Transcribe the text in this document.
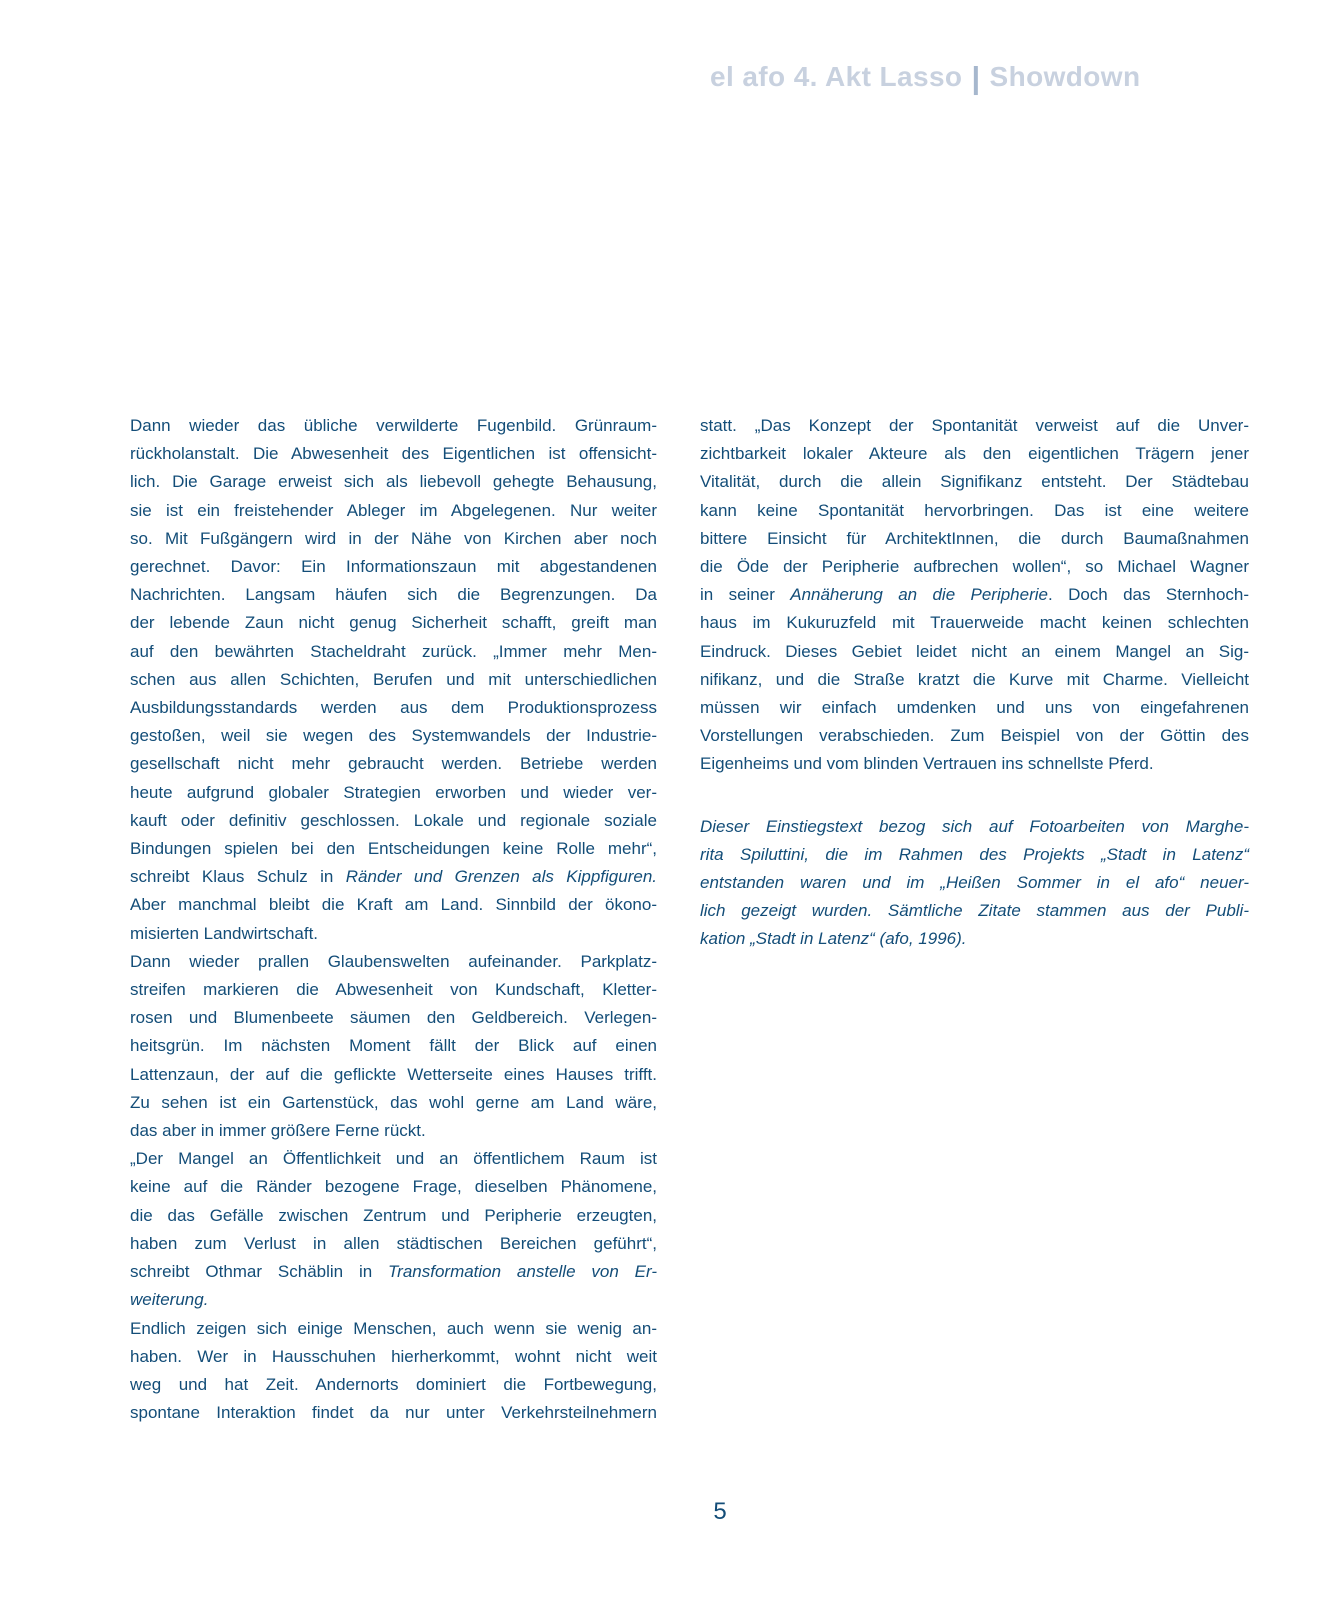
el afo 4. Akt Lasso | Showdown
Dann wieder das übliche verwilderte Fugenbild. Grünraum-
rückholanstalt. Die Abwesenheit des Eigentlichen ist offensicht-
lich. Die Garage erweist sich als liebevoll gehegte Behausung,
sie ist ein freistehender Ableger im Abgelegenen. Nur weiter
so. Mit Fußgängern wird in der Nähe von Kirchen aber noch
gerechnet. Davor: Ein Informationszaun mit abgestandenen
Nachrichten. Langsam häufen sich die Begrenzungen. Da
der lebende Zaun nicht genug Sicherheit schafft, greift man
auf den bewährten Stacheldraht zurück. „Immer mehr Men-
schen aus allen Schichten, Berufen und mit unterschiedlichen
Ausbildungsstandards werden aus dem Produktionsprozess
gestoßen, weil sie wegen des Systemwandels der Industrie-
gesellschaft nicht mehr gebraucht werden. Betriebe werden
heute aufgrund globaler Strategien erworben und wieder ver-
kauft oder definitiv geschlossen. Lokale und regionale soziale
Bindungen spielen bei den Entscheidungen keine Rolle mehr“,
schreibt Klaus Schulz in Ränder und Grenzen als Kippfiguren.
Aber manchmal bleibt die Kraft am Land. Sinnbild der ökono-
misierten Landwirtschaft.
Dann wieder prallen Glaubenswelten aufeinander. Parkplatz-
streifen markieren die Abwesenheit von Kundschaft, Kletter-
rosen und Blumenbeete säumen den Geldbereich. Verlegen-
heitsgrün. Im nächsten Moment fällt der Blick auf einen
Lattenzaun, der auf die geflickte Wetterseite eines Hauses trifft.
Zu sehen ist ein Gartenstück, das wohl gerne am Land wäre,
das aber in immer größere Ferne rückt.
„Der Mangel an Öffentlichkeit und an öffentlichem Raum ist
keine auf die Ränder bezogene Frage, dieselben Phänomene,
die das Gefälle zwischen Zentrum und Peripherie erzeugten,
haben zum Verlust in allen städtischen Bereichen geführt“,
schreibt Othmar Schäblin in Transformation anstelle von Er-
weiterung.
Endlich zeigen sich einige Menschen, auch wenn sie wenig an-
haben. Wer in Hausschuhen hierherkommt, wohnt nicht weit
weg und hat Zeit. Andernorts dominiert die Fortbewegung,
spontane Interaktion findet da nur unter Verkehrsteilnehmern
statt. „Das Konzept der Spontanität verweist auf die Unver-
zichtbarkeit lokaler Akteure als den eigentlichen Trägern jener
Vitalität, durch die allein Signifikanz entsteht. Der Städtebau
kann keine Spontanität hervorbringen. Das ist eine weitere
bittere Einsicht für ArchitektInnen, die durch Baumaßnahmen
die Öde der Peripherie aufbrechen wollen“, so Michael Wagner
in seiner Annäherung an die Peripherie. Doch das Sternhoch-
haus im Kukuruzfeld mit Trauerweide macht keinen schlechten
Eindruck. Dieses Gebiet leidet nicht an einem Mangel an Sig-
nifikanz, und die Straße kratzt die Kurve mit Charme. Vielleicht
müssen wir einfach umdenken und uns von eingefahrenen
Vorstellungen verabschieden. Zum Beispiel von der Göttin des
Eigenheims und vom blinden Vertrauen ins schnellste Pferd.
Dieser Einstiegstext bezog sich auf Fotoarbeiten von Marghe-
rita Spiluttini, die im Rahmen des Projekts „Stadt in Latenz“
entstanden waren und im „Heißen Sommer in el afo“ neuer-
lich gezeigt wurden. Sämtliche Zitate stammen aus der Publi-
kation „Stadt in Latenz“ (afo, 1996).
5
